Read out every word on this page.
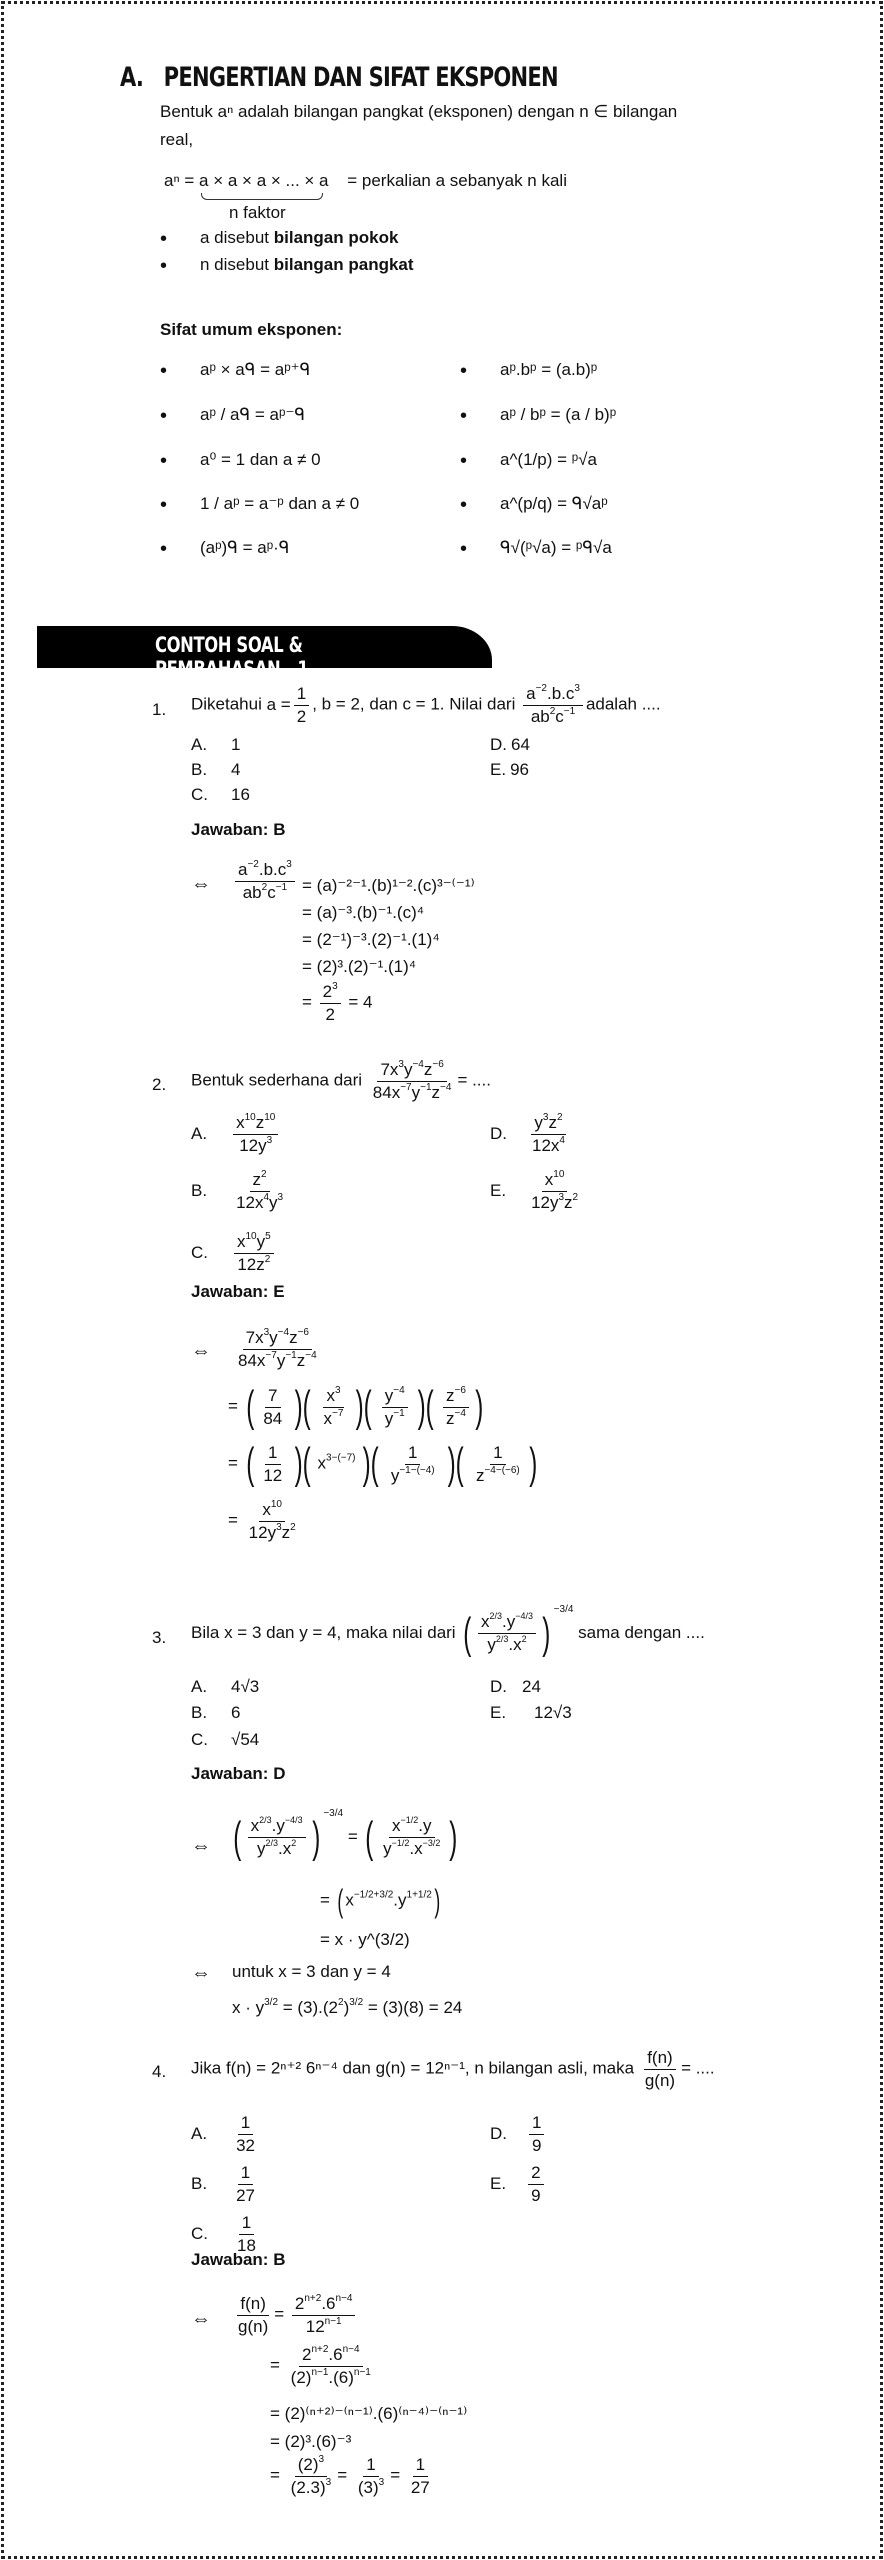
A. PENGERTIAN DAN SIFAT EKSPONEN
Bentuk aⁿ adalah bilangan pangkat (eksponen) dengan n ∈ bilangan
real,
aⁿ = a × a × a × ... × a = perkalian a sebanyak n kali
n faktor
• a disebut bilangan pokok
• n disebut bilangan pangkat
Sifat umum eksponen:
• aᵖ × aᑫ = aᵖ⁺ᑫ
• aᵖ / aᑫ = aᵖ⁻ᑫ
• a⁰ = 1 dan a ≠ 0
• 1 / aᵖ = a⁻ᵖ dan a ≠ 0
• (aᵖ)ᑫ = aᵖ·ᑫ
• aᵖ.bᵖ = (a.b)ᵖ
• aᵖ / bᵖ = (a / b)ᵖ
• a^(1/p) = ᵖ√a
• a^(p/q) = ᑫ√aᵖ
• ᑫ√(ᵖ√a) = ᵖᑫ√a
CONTOH SOAL & PEMBAHASAN - 1
1. Diketahui $a = \frac{1}{2}$ , b = 2, dan c = 1. Nilai dari $\frac{a^{-2}.b.c^3}{ab^2c^{-1}}$ adalah ....
A. 1
B. 4
C. 16
D. 64
E. 96
Jawaban: B
⇔ $\frac{a^{-2}.b.c^3}{ab^2c^{-1}} = (a)^{-2-1}.(b)^{1-2}.(c)^{3-(-1)}$
= (a)⁻³.(b)⁻¹.(c)⁴
= (2⁻¹)⁻³.(2)⁻¹.(1)⁴
= (2)³.(2)⁻¹.(1)⁴
= $\frac{2^3}{2} = 4$
2. Bentuk sederhana dari $\frac{7x^3y^{-4}z^{-6}}{84x^{-7}y^{-1}z^{-4}}$ = ....
A. $\frac{x^{10}z^{10}}{12y^3}$
B. $\frac{z^2}{12x^4y^3}$
C. $\frac{x^{10}y^5}{12z^2}$
D. $\frac{y^3z^2}{12x^4}$
E. $\frac{x^{10}}{12y^3z^2}$
Jawaban: E
⇔ $\frac{7x^3y^{-4}z^{-6}}{84x^{-7}y^{-1}z^{-4}}$
= ( $\frac{7}{84}$ )( $\frac{x^3}{x^{-7}}$ )( $\frac{y^{-4}}{y^{-1}}$ )( $\frac{z^{-6}}{z^{-4}}$ )
= ( $\frac{1}{12}$ )( $x^{3-(-7)}$ )( $\frac{1}{y^{-1-(-4)}}$ )( $\frac{1}{z^{-4-(-6)}}$ )
= $\frac{x^{10}}{12y^3z^2}$
3. Bila x = 3 dan y = 4, maka nilai dari ( $\frac{x^{2/3}.y^{-4/3}}{y^{2/3}.x^2}$ ) $^{-3/4}$ sama dengan ....
A. 4√3
B. 6
C. √54
D. 24
E. 12√3
Jawaban: D
⇔ ( $\frac{x^{2/3}.y^{-4/3}}{y^{2/3}.x^2}$ ) $^{-3/4}$ = ( $\frac{x^{-1/2}.y}{y^{-1/2}.x^{-3/2}}$ )
= ( $x^{-1/2+3/2}.y^{1+1/2}$)
= x · y^(3/2)
⇔ untuk x = 3 dan y = 4
$x \cdot y^{3/2} = (3).(2^2)^{3/2} = (3)(8) = 24$
4. Jika f(n) = 2ⁿ⁺² 6ⁿ⁻⁴ dan g(n) = 12ⁿ⁻¹, n bilangan asli, maka $\frac{f(n)}{g(n)}$ = ....
A. $\frac{1}{32}$
B. $\frac{1}{27}$
C. $\frac{1}{18}$
D. $\frac{1}{9}$
E. $\frac{2}{9}$
Jawaban: B
⇔ $\frac{f(n)}{g(n)} = \frac{2^{n+2}.6^{n-4}}{12^{n-1}}$
= $\frac{2^{n+2}.6^{n-4}}{(2)^{n-1}.(6)^{n-1}}$
= (2)⁽ⁿ⁺²⁾⁻⁽ⁿ⁻¹⁾.(6)⁽ⁿ⁻⁴⁾⁻⁽ⁿ⁻¹⁾
= (2)³.(6)⁻³
= $\frac{(2)^3}{(2.3)^3} = \frac{1}{(3)^3} = \frac{1}{27}$
